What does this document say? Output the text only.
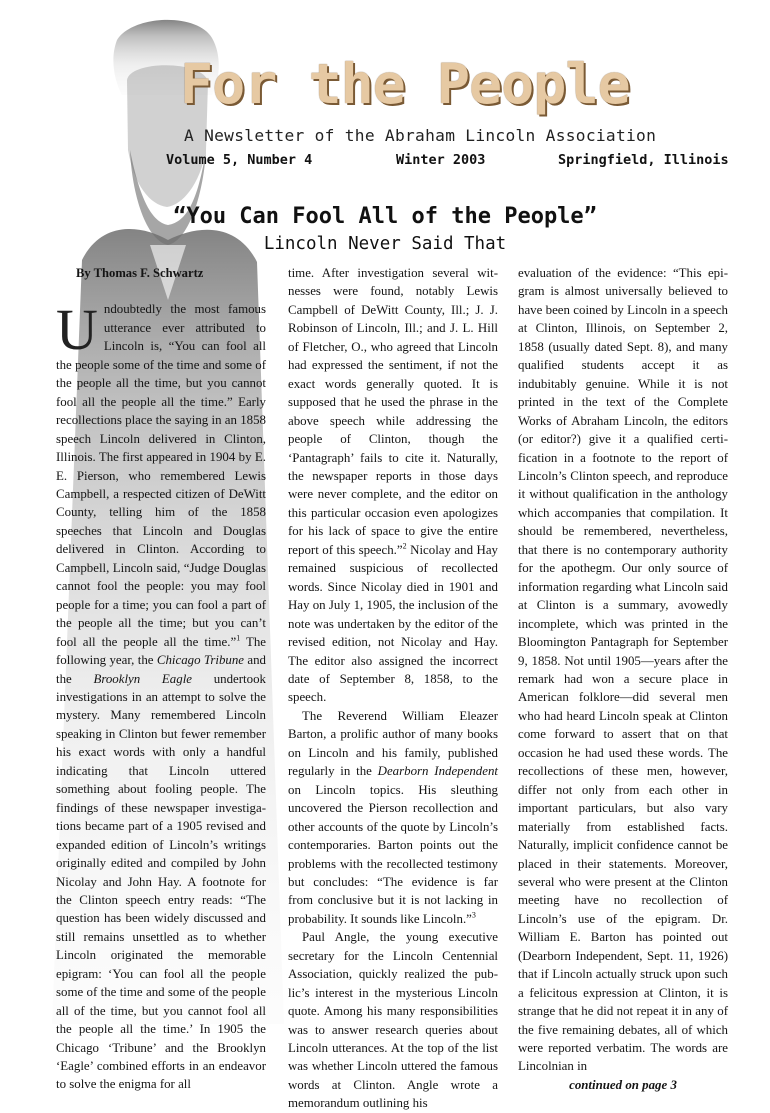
For the People
A Newsletter of the Abraham Lincoln Association
Volume 5, Number 4	Winter 2003	Springfield, Illinois
“You Can Fool All of the People”
Lincoln Never Said That

By Thomas F. Schwartz

Undoubtedly the most famous utterance ever attributed to Lincoln is, “You can fool all the people some of the time and some of the people all the time, but you cannot fool all the people all the time.” Early recollections place the saying in an 1858 speech Lincoln delivered in Clinton, Illinois. The first appeared in 1904 by E. E. Pierson, who remembered Lewis Campbell, a respected citizen of DeWitt County, telling him of the 1858 speeches that Lincoln and Douglas delivered in Clinton. According to Campbell, Lincoln said, “Judge Douglas cannot fool the people: you may fool people for a time; you can fool a part of the people all the time; but you can’t fool all the people all the time.”$^1$ The following year, the Chicago Tribune and the Brooklyn Eagle undertook investigations in an attempt to solve the mystery. Many remembered Lincoln speaking in Clinton but fewer remember his exact words with only a handful indicating that Lincoln uttered something about fooling people. The findings of these newspaper investigations became part of a 1905 revised and expanded edition of Lincoln’s writings originally edited and compiled by John Nicolay and John Hay. A footnote for the Clinton speech entry reads: “The question has been widely discussed and still remains unsettled as to whether Lincoln originated the memorable epigram: ‘You can fool all the people some of the time and some of the people all of the time, but you cannot fool all the people all the time.’ In 1905 the Chicago ‘Tribune’ and the Brooklyn ‘Eagle’ combined efforts in an endeavor to solve the enigma for all

time. After investigation several witnesses were found, notably Lewis Campbell of DeWitt County, Ill.; J. J. Robinson of Lincoln, Ill.; and J. L. Hill of Fletcher, O., who agreed that Lincoln had expressed the sentiment, if not the exact words generally quoted. It is supposed that he used the phrase in the above speech while addressing the people of Clinton, though the ‘Pantagraph’ fails to cite it. Naturally, the newspaper reports in those days were never complete, and the editor on this particular occasion even apologizes for his lack of space to give the entire report of this speech.”$^2$ Nicolay and Hay remained suspicious of recollected words. Since Nicolay died in 1901 and Hay on July 1, 1905, the inclusion of the note was undertaken by the editor of the revised edition, not Nicolay and Hay. The editor also assigned the incorrect date of September 8, 1858, to the speech.

The Reverend William Eleazer Barton, a prolific author of many books on Lincoln and his family, published regularly in the Dearborn Independent on Lincoln topics. His sleuthing uncovered the Pierson recollection and other accounts of the quote by Lincoln’s contemporaries. Barton points out the problems with the recollected testimony but concludes: “The evidence is far from conclusive but it is not lacking in probability. It sounds like Lincoln.”$^3$

Paul Angle, the young executive secretary for the Lincoln Centennial Association, quickly realized the public’s interest in the mysterious Lincoln quote. Among his many responsibilities was to answer research queries about Lincoln utterances. At the top of the list was whether Lincoln uttered the famous words at Clinton. Angle wrote a memorandum outlining his

evaluation of the evidence: “This epigram is almost universally believed to have been coined by Lincoln in a speech at Clinton, Illinois, on September 2, 1858 (usually dated Sept. 8), and many qualified students accept it as indubitably genuine. While it is not printed in the text of the Complete Works of Abraham Lincoln, the editors (or editor?) give it a qualified certification in a footnote to the report of Lincoln’s Clinton speech, and reproduce it without qualification in the anthology which accompanies that compilation. It should be remembered, nevertheless, that there is no contemporary authority for the apothegm. Our only source of information regarding what Lincoln said at Clinton is a summary, avowedly incomplete, which was printed in the Bloomington Pantagraph for September 9, 1858. Not until 1905—years after the remark had won a secure place in American folklore—did several men who had heard Lincoln speak at Clinton come forward to assert that on that occasion he had used these words. The recollections of these men, however, differ not only from each other in important particulars, but also vary materially from established facts. Naturally, implicit confidence cannot be placed in their statements. Moreover, several who were present at the Clinton meeting have no recollection of Lincoln’s use of the epigram. Dr. William E. Barton has pointed out (Dearborn Independent, Sept. 11, 1926) that if Lincoln actually struck upon such a felicitous expression at Clinton, it is strange that he did not repeat it in any of the five remaining debates, all of which were reported verbatim. The words are Lincolnian in

continued on page 3
